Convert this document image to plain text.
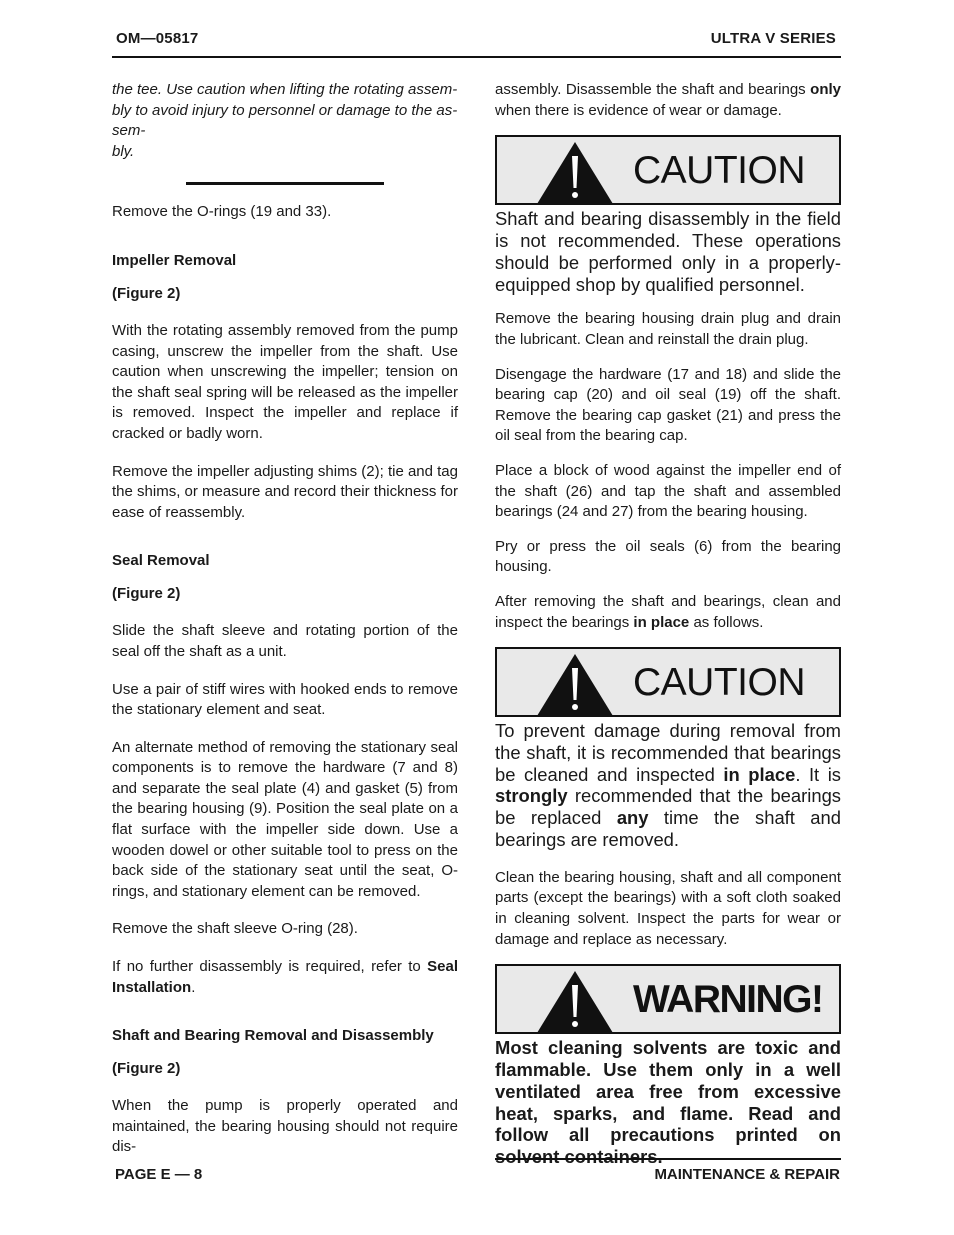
OM—05817	ULTRA V SERIES

the tee. Use caution when lifting the rotating assem-

bly to avoid injury to personnel or damage to the as-

sem-

bly.

Remove the O-rings (19 and 33).

Impeller Removal

(Figure 2)

With the rotating assembly removed from the pump casing, unscrew the impeller from the shaft. Use caution when unscrewing the impeller; tension on the shaft seal spring will be released as the impeller is removed. Inspect the impeller and replace if cracked or badly worn.

Remove the impeller adjusting shims (2); tie and tag the shims, or measure and record their thickness for ease of reassembly.

Seal Removal

(Figure 2)

Slide the shaft sleeve and rotating portion of the seal off the shaft as a unit.

Use a pair of stiff wires with hooked ends to remove the stationary element and seat.

An alternate method of removing the stationary seal components is to remove the hardware (7 and 8) and separate the seal plate (4) and gasket (5) from the bearing housing (9). Position the seal plate on a flat surface with the impeller side down. Use a wooden dowel or other suitable tool to press on the back side of the stationary seat until the seat, O-rings, and stationary element can be removed.

Remove the shaft sleeve O-ring (28).

If no further disassembly is required, refer to Seal Installation.

Shaft and Bearing Removal and Disassembly

(Figure 2)

When the pump is properly operated and maintained, the bearing housing should not require dis-

assembly. Disassemble the shaft and bearings only when there is evidence of wear or damage.

CAUTION

Shaft and bearing disassembly in the field is not recommended. These operations should be performed only in a properly-equipped shop by qualified personnel.

Remove the bearing housing drain plug and drain the lubricant. Clean and reinstall the drain plug.

Disengage the hardware (17 and 18) and slide the bearing cap (20) and oil seal (19) off the shaft. Remove the bearing cap gasket (21) and press the oil seal from the bearing cap.

Place a block of wood against the impeller end of the shaft (26) and tap the shaft and assembled bearings (24 and 27) from the bearing housing.

Pry or press the oil seals (6) from the bearing housing.

After removing the shaft and bearings, clean and inspect the bearings in place as follows.

CAUTION

To prevent damage during removal from the shaft, it is recommended that bearings be cleaned and inspected in place. It is strongly recommended that the bearings be replaced any time the shaft and bearings are removed.

Clean the bearing housing, shaft and all component parts (except the bearings) with a soft cloth soaked in cleaning solvent. Inspect the parts for wear or damage and replace as necessary.

WARNING!

Most cleaning solvents are toxic and flammable. Use them only in a well ventilated area free from excessive heat, sparks, and flame. Read and follow all precautions printed on solvent containers.

PAGE E — 8	MAINTENANCE & REPAIR
